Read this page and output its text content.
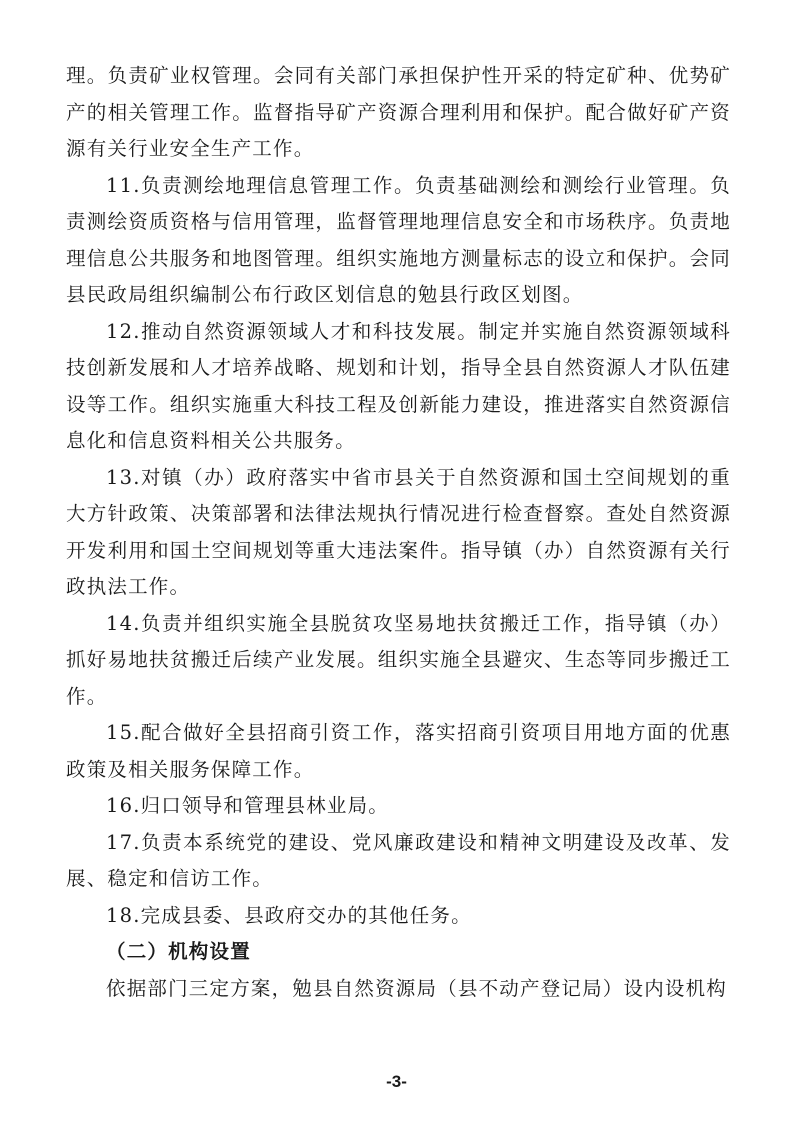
理。负责矿业权管理。会同有关部门承担保护性开采的特定矿种、优势矿产的相关管理工作。监督指导矿产资源合理利用和保护。配合做好矿产资源有关行业安全生产工作。

11.负责测绘地理信息管理工作。负责基础测绘和测绘行业管理。负责测绘资质资格与信用管理，监督管理地理信息安全和市场秩序。负责地理信息公共服务和地图管理。组织实施地方测量标志的设立和保护。会同县民政局组织编制公布行政区划信息的勉县行政区划图。

12.推动自然资源领域人才和科技发展。制定并实施自然资源领域科技创新发展和人才培养战略、规划和计划，指导全县自然资源人才队伍建设等工作。组织实施重大科技工程及创新能力建设，推进落实自然资源信息化和信息资料相关公共服务。

13.对镇（办）政府落实中省市县关于自然资源和国土空间规划的重大方针政策、决策部署和法律法规执行情况进行检查督察。查处自然资源开发利用和国土空间规划等重大违法案件。指导镇（办）自然资源有关行政执法工作。

14.负责并组织实施全县脱贫攻坚易地扶贫搬迁工作，指导镇（办）抓好易地扶贫搬迁后续产业发展。组织实施全县避灾、生态等同步搬迁工作。

15.配合做好全县招商引资工作，落实招商引资项目用地方面的优惠政策及相关服务保障工作。

16.归口领导和管理县林业局。

17.负责本系统党的建设、党风廉政建设和精神文明建设及改革、发展、稳定和信访工作。

18.完成县委、县政府交办的其他任务。

（二）机构设置

依据部门三定方案，勉县自然资源局（县不动产登记局）设内设机构

-3-
